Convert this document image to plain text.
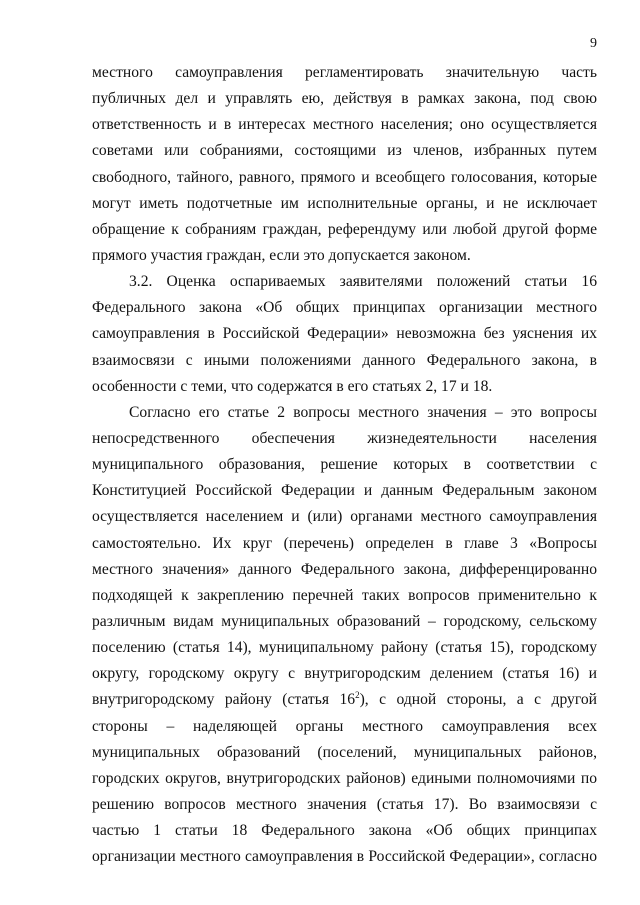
9
местного самоуправления регламентировать значительную часть
публичных дел и управлять ею, действуя в рамках закона, под свою
ответственность и в интересах местного населения; оно осуществляется
советами или собраниями, состоящими из членов, избранных путем
свободного, тайного, равного, прямого и всеобщего голосования, которые
могут иметь подотчетные им исполнительные органы, и не исключает
обращение к собраниям граждан, референдуму или любой другой форме
прямого участия граждан, если это допускается законом.
3.2. Оценка оспариваемых заявителями положений статьи 16
Федерального закона «Об общих принципах организации местного
самоуправления в Российской Федерации» невозможна без уяснения их
взаимосвязи с иными положениями данного Федерального закона, в
особенности с теми, что содержатся в его статьях 2, 17 и 18.
Согласно его статье 2 вопросы местного значения – это вопросы
непосредственного обеспечения жизнедеятельности населения
муниципального образования, решение которых в соответствии с
Конституцией Российской Федерации и данным Федеральным законом
осуществляется населением и (или) органами местного самоуправления
самостоятельно. Их круг (перечень) определен в главе 3 «Вопросы
местного значения» данного Федерального закона, дифференцированно
подходящей к закреплению перечней таких вопросов применительно к
различным видам муниципальных образований – городскому, сельскому
поселению (статья 14), муниципальному району (статья 15), городскому
округу, городскому округу с внутригородским делением (статья 16) и
внутригородскому району (статья $16^2$), с одной стороны, а с другой
стороны – наделяющей органы местного самоуправления всех
муниципальных образований (поселений, муниципальных районов,
городских округов, внутригородских районов) едиными полномочиями по
решению вопросов местного значения (статья 17). Во взаимосвязи с
частью 1 статьи 18 Федерального закона «Об общих принципах
организации местного самоуправления в Российской Федерации», согласно
